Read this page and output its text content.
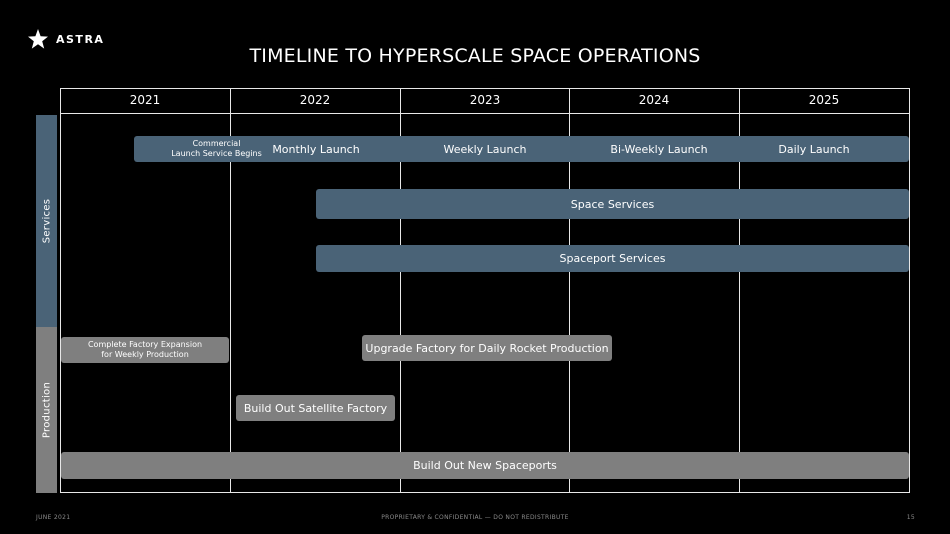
ASTRA
TIMELINE TO HYPERSCALE SPACE OPERATIONS
2021	2022	2023	2024	2025
Services
Production
Commercial
Launch Service Begins Monthly Launch	Weekly Launch	Bi-Weekly Launch	Daily Launch
Space Services
Spaceport Services
Complete Factory Expansion
for Weekly Production	Upgrade Factory for Daily Rocket Production
Build Out Satellite Factory
Build Out New Spaceports
JUNE 2021	PROPRIETARY & CONFIDENTIAL — DO NOT REDISTRIBUTE	15
